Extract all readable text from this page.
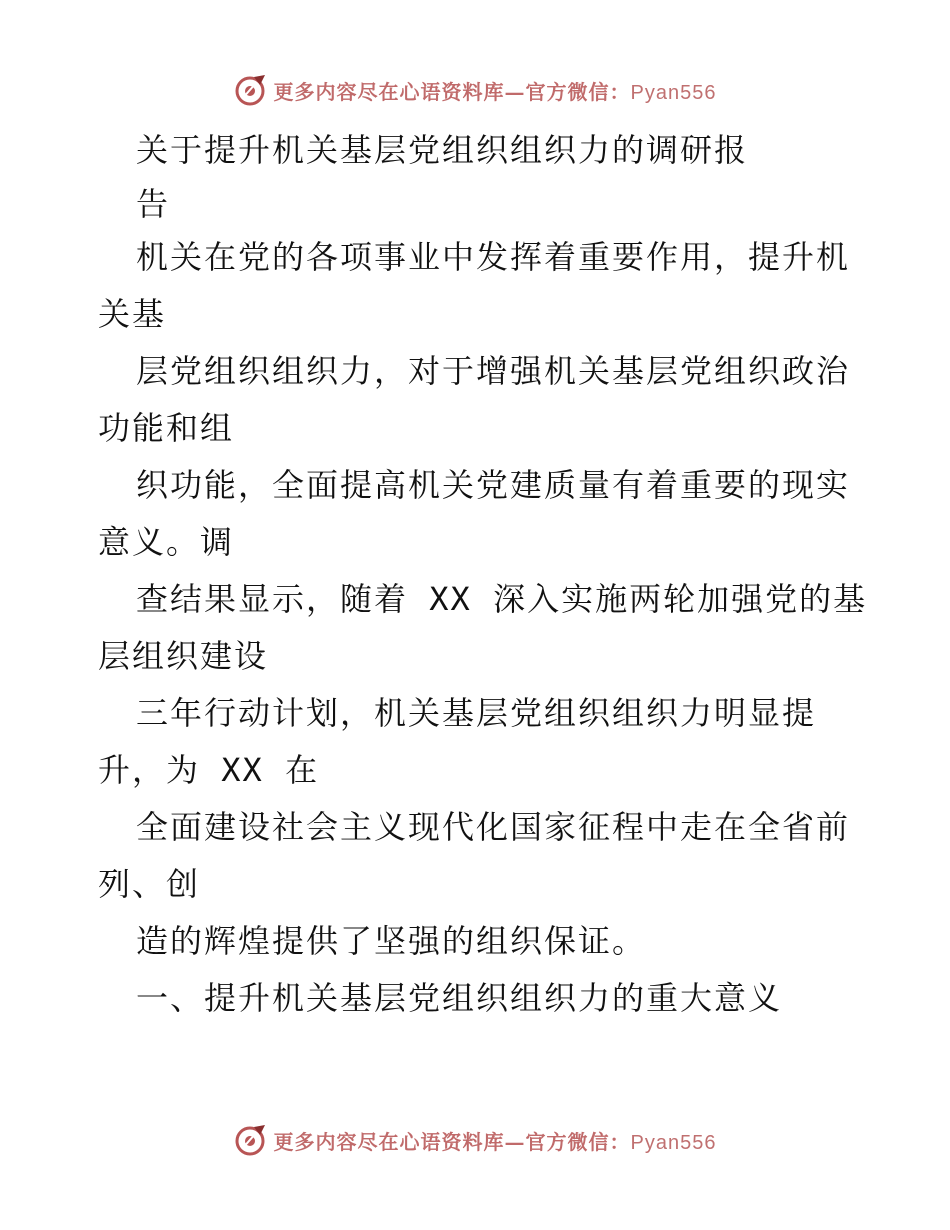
更多内容尽在心语资料库—官方微信：Pyan556
关于提升机关基层党组织组织力的调研报
告
机关在党的各项事业中发挥着重要作用，提升机
关基
层党组织组织力，对于增强机关基层党组织政治
功能和组
织功能，全面提高机关党建质量有着重要的现实
意义。调
查结果显示，随着 XX 深入实施两轮加强党的基
层组织建设
三年行动计划，机关基层党组织组织力明显提
升，为 XX 在
全面建设社会主义现代化国家征程中走在全省前
列、创
造的辉煌提供了坚强的组织保证。
一、提升机关基层党组织组织力的重大意义
更多内容尽在心语资料库—官方微信：Pyan556
